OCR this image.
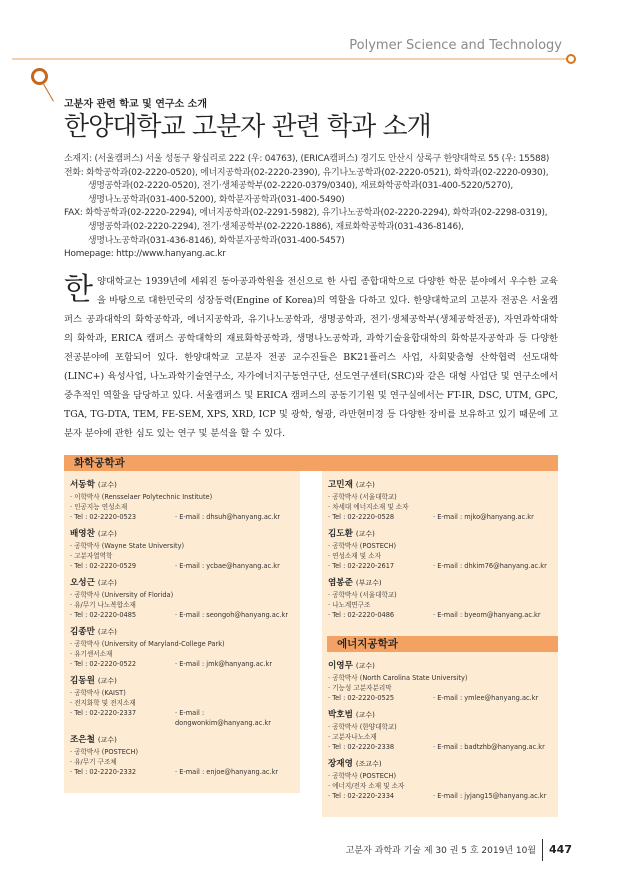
Polymer Science and Technology
고분자 관련 학교 및 연구소 소개
한양대학교 고분자 관련 학과 소개
소재지: (서울캠퍼스) 서울 성동구 왕십리로 222 (우: 04763), (ERICA캠퍼스) 경기도 안산시 상록구 한양대학로 55 (우: 15588)
전화: 화학공학과(02-2220-0520), 에너지공학과(02-2220-2390), 유기나노공학과(02-2220-0521), 화학과(02-2220-0930),
생명공학과(02-2220-0520), 전기·생체공학부(02-2220-0379/0340), 재료화학공학과(031-400-5220/5270),
생명나노공학과(031-400-5200), 화학분자공학과(031-400-5490)
FAX: 화학공학과(02-2220-2294), 에너지공학과(02-2291-5982), 유기나노공학과(02-2220-2294), 화학과(02-2298-0319),
생명공학과(02-2220-2294), 전기·생체공학부(02-2220-1886), 재료화학공학과(031-436-8146),
생명나노공학과(031-436-8146), 화학분자공학과(031-400-5457)
Homepage: http://www.hanyang.ac.kr
한양대학교는 1939년에 세워진 동아공과학원을 전신으로 한 사립 종합대학으로 다양한 학문 분야에서 우수한 교육을 바탕으로 대한민국의 성장동력(Engine of Korea)의 역할을 다하고 있다. 한양대학교의 고분자 전공은 서울캠퍼스 공과대학의 화학공학과, 에너지공학과, 유기나노공학과, 생명공학과, 전기·생체공학부(생체공학전공), 자연과학대학의 화학과, ERICA 캠퍼스 공학대학의 재료화학공학과, 생명나노공학과, 과학기술융합대학의 화학분자공학과 등 다양한 전공분야에 포함되어 있다. 한양대학교 고분자 전공 교수진들은 BK21플러스 사업, 사회맞춤형 산학협력 선도대학(LINC+) 육성사업, 나노과학기술연구소, 자가에너지구동연구단, 선도연구센터(SRC)와 같은 대형 사업단 및 연구소에서 중추적인 역할을 담당하고 있다. 서울캠퍼스 및 ERICA 캠퍼스의 공동기기원 및 연구실에서는 FT-IR, DSC, UTM, GPC, TGA, TG-DTA, TEM, FE-SEM, XPS, XRD, ICP 및 광학, 형광, 라만현미경 등 다양한 장비를 보유하고 있기 때문에 고분자 분야에 관한 심도 있는 연구 및 분석을 할 수 있다.
화학공학과
서동학 (교수)
· 이학박사 (Rensselaer Polytechnic Institute)
· 인공지능 연성소재
· Tel : 02-2220-0523	· E-mail : dhsuh@hanyang.ac.kr
배영찬 (교수)
· 공학박사 (Wayne State University)
· 고분자열역학
· Tel : 02-2220-0529	· E-mail : ycbae@hanyang.ac.kr
오성근 (교수)
· 공학박사 (University of Florida)
· 유/무기 나노복합소재
· Tel : 02-2220-0485	· E-mail : seongoh@hanyang.ac.kr
김종만 (교수)
· 공학박사 (University of Maryland-College Park)
· 유기센서소재
· Tel : 02-2220-0522	· E-mail : jmk@hanyang.ac.kr
김동원 (교수)
· 공학박사 (KAIST)
· 전지화학 및 전지소재
· Tel : 02-2220-2337	· E-mail : dongwonkim@hanyang.ac.kr
조은철 (교수)
· 공학박사 (POSTECH)
· 유/무기 구조체
· Tel : 02-2220-2332	· E-mail : enjoe@hanyang.ac.kr
고민재 (교수)
· 공학박사 (서울대학교)
· 차세대 에너지소재 및 소자
· Tel : 02-2220-0528	· E-mail : mjko@hanyang.ac.kr
김도환 (교수)
· 공학박사 (POSTECH)
· 연성소재 및 소자
· Tel : 02-2220-2617	· E-mail : dhkim76@hanyang.ac.kr
염봉준 (부교수)
· 공학박사 (서울대학교)
· 나노계면구조
· Tel : 02-2220-0486	· E-mail : byeom@hanyang.ac.kr
에너지공학과
이영무 (교수)
· 공학박사 (North Carolina State University)
· 기능성 고분자분리막
· Tel : 02-2220-0525	· E-mail : ymlee@hanyang.ac.kr
박호범 (교수)
· 공학박사 (한양대학교)
· 고분자나노소재
· Tel : 02-2220-2338	· E-mail : badtzhb@hanyang.ac.kr
장재영 (조교수)
· 공학박사 (POSTECH)
· 에너지/전자 소재 및 소자
· Tel : 02-2220-2334	· E-mail : jyjang15@hanyang.ac.kr
고분자 과학과 기술 제 30 권 5 호 2019년 10월 447
